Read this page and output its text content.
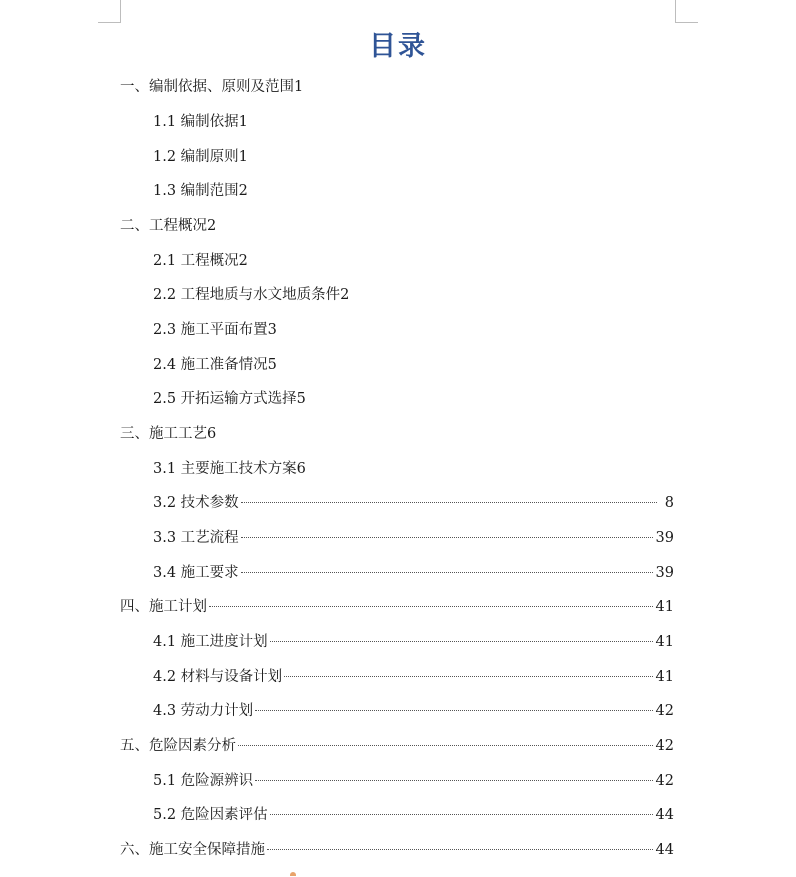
目录
一、编制依据、原则及范围 1
1.1 编制依据 1
1.2 编制原则 1
1.3 编制范围 2
二、工程概况 2
2.1 工程概况 2
2.2 工程地质与水文地质条件 2
2.3 施工平面布置 3
2.4 施工准备情况 5
2.5 开拓运输方式选择 5
三、施工工艺 6
3.1 主要施工技术方案 6
3.2 技术参数	8
3.3 工艺流程	39
3.4 施工要求	39
四、施工计划	41
4.1 施工进度计划	41
4.2 材料与设备计划	41
4.3 劳动力计划	42
五、危险因素分析	42
5.1 危险源辨识	42
5.2 危险因素评估	44
六、施工安全保障措施	44
